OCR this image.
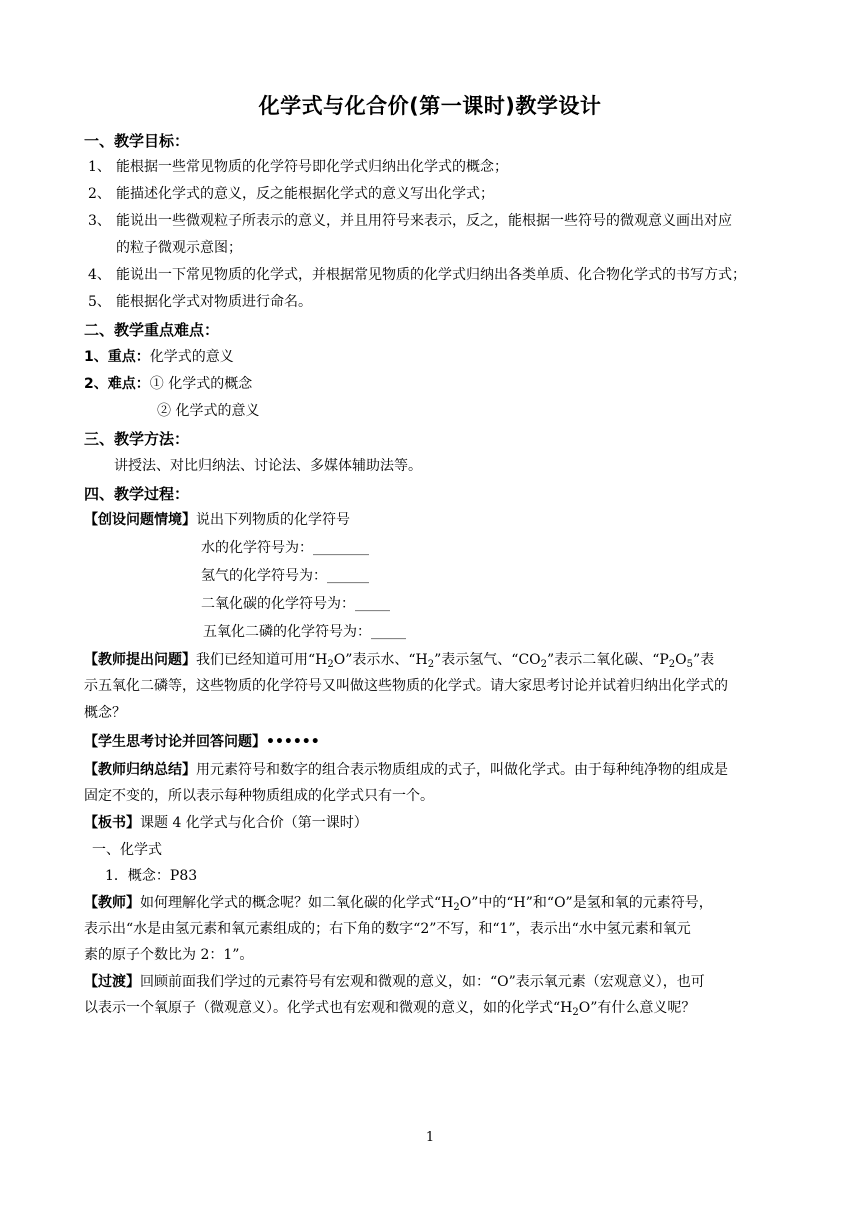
化学式与化合价(第一课时)教学设计
一、教学目标：
1、 能根据一些常见物质的化学符号即化学式归纳出化学式的概念；
2、 能描述化学式的意义，反之能根据化学式的意义写出化学式；
3、 能说出一些微观粒子所表示的意义，并且用符号来表示，反之，能根据一些符号的微观意义画出对应
的粒子微观示意图；
4、 能说出一下常见物质的化学式，并根据常见物质的化学式归纳出各类单质、化合物化学式的书写方式；
5、 能根据化学式对物质进行命名。
二、教学重点难点：
1、重点：化学式的意义
2、难点：① 化学式的概念
② 化学式的意义
三、教学方法：
讲授法、对比归纳法、讨论法、多媒体辅助法等。
四、教学过程：
【创设问题情境】说出下列物质的化学符号
水的化学符号为：________
氢气的化学符号为：______
二氧化碳的化学符号为：_____
五氧化二磷的化学符号为：_____
【教师提出问题】我们已经知道可用“$H_2O$”表示水、“$H_2$”表示氢气、“$CO_2$”表示二氧化碳、“$P_2O_5$”表
示五氧化二磷等，这些物质的化学符号又叫做这些物质的化学式。请大家思考讨论并试着归纳出化学式的
概念？
【学生思考讨论并回答问题】••••••
【教师归纳总结】用元素符号和数字的组合表示物质组成的式子，叫做化学式。由于每种纯净物的组成是
固定不变的，所以表示每种物质组成的化学式只有一个。
【板书】课题 4 化学式与化合价（第一课时）
一、化学式
1．概念：P83
【教师】如何理解化学式的概念呢？如二氧化碳的化学式“$H_2O$”中的“H”和“O”是氢和氧的元素符号，
表示出“水是由氢元素和氧元素组成的；右下角的数字“2”不写，和“1”，表示出“水中氢元素和氧元
素的原子个数比为 2：1”。
【过渡】回顾前面我们学过的元素符号有宏观和微观的意义，如：“O”表示氧元素（宏观意义），也可
以表示一个氧原子（微观意义）。化学式也有宏观和微观的意义，如的化学式“$H_2O$”有什么意义呢？
1
